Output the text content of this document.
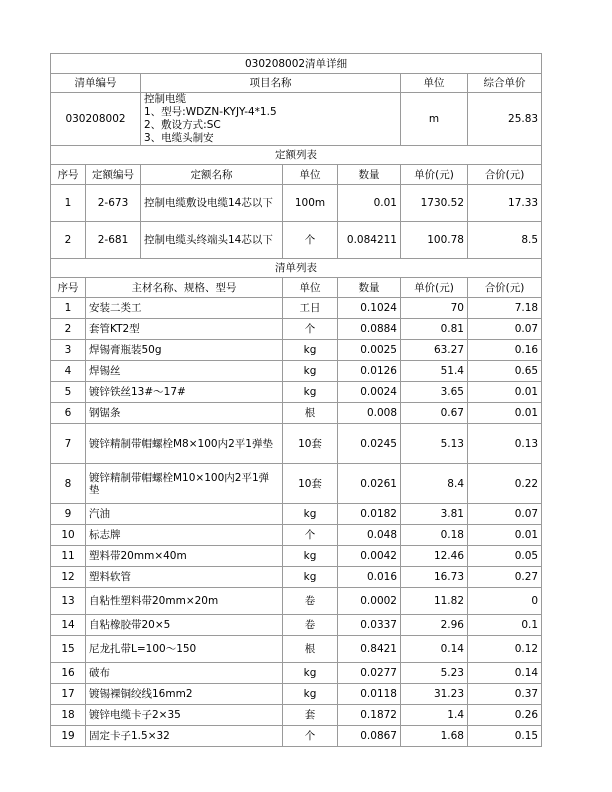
030208002清单详细						
清单编号		项目名称			单位	综合单价
030208002		控制电缆
1、型号:WDZN-KYJY-4*1.5
2、敷设方式:SC
3、电缆头制安			m	25.83
定额列表						
序号	定额编号	定额名称	单位	数量	单价(元)	合价(元)
1	2-673	控制电缆敷设电缆14芯以下	100m	0.01	1730.52	17.33
2	2-681	控制电缆头终端头14芯以下	个	0.084211	100.78	8.5
清单列表						
序号	主材名称、规格、型号		单位	数量	单价(元)	合价(元)
1	安装二类工		工日	0.1024	70	7.18
2	套管KT2型		个	0.0884	0.81	0.07
3	焊锡膏瓶装50g		kg	0.0025	63.27	0.16
4	焊锡丝		kg	0.0126	51.4	0.65
5	镀锌铁丝13#～17#		kg	0.0024	3.65	0.01
6	钢锯条		根	0.008	0.67	0.01
7	镀锌精制带帽螺栓M8×100内2平1弹垫		10套	0.0245	5.13	0.13
8	镀锌精制带帽螺栓M10×100内2平1弹垫		10套	0.0261	8.4	0.22
9	汽油		kg	0.0182	3.81	0.07
10	标志牌		个	0.048	0.18	0.01
11	塑料带20mm×40m		kg	0.0042	12.46	0.05
12	塑料软管		kg	0.016	16.73	0.27
13	自粘性塑料带20mm×20m		卷	0.0002	11.82	0
14	自粘橡胶带20×5		卷	0.0337	2.96	0.1
15	尼龙扎带L=100～150		根	0.8421	0.14	0.12
16	破布		kg	0.0277	5.23	0.14
17	镀锡裸铜绞线16mm2		kg	0.0118	31.23	0.37
18	镀锌电缆卡子2×35		套	0.1872	1.4	0.26
19	固定卡子1.5×32		个	0.0867	1.68	0.15
